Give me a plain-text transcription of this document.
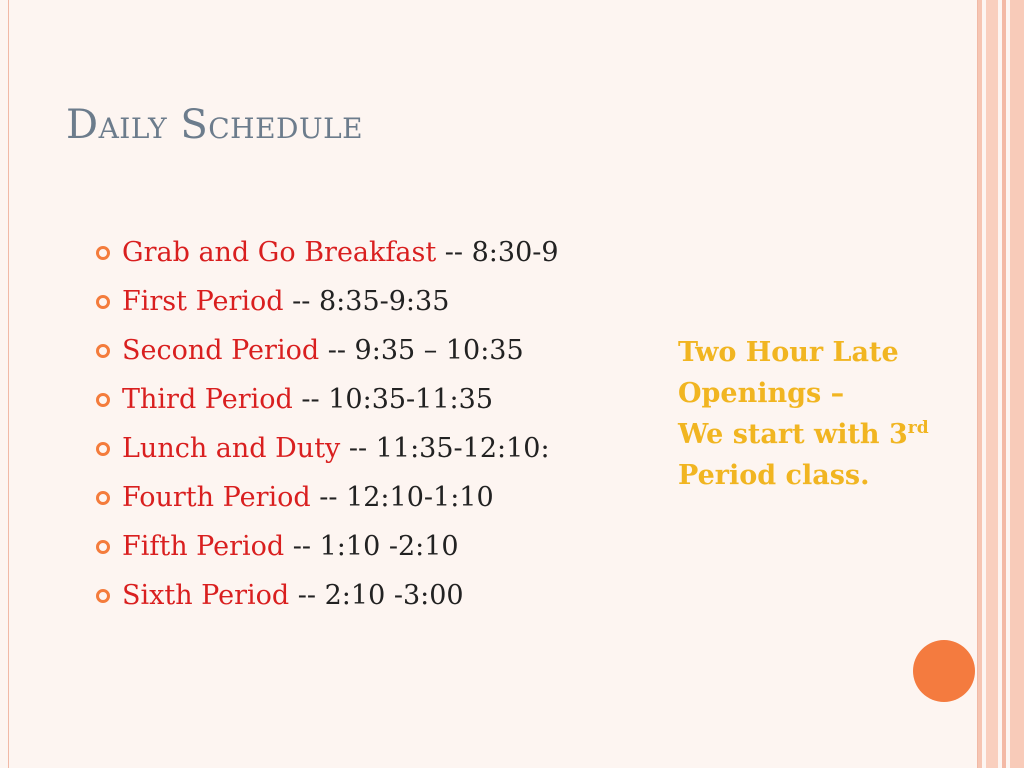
Daily Schedule
Grab and Go Breakfast -- 8:30-9
First Period -- 8:35-9:35
Second Period -- 9:35 – 10:35
Third Period -- 10:35-11:35
Lunch and Duty -- 11:35-12:10:
Fourth Period -- 12:10-1:10
Fifth Period -- 1:10 -2:10
Sixth Period -- 2:10 -3:00
Two Hour Late
Openings –
We start with 3rd
Period class.
